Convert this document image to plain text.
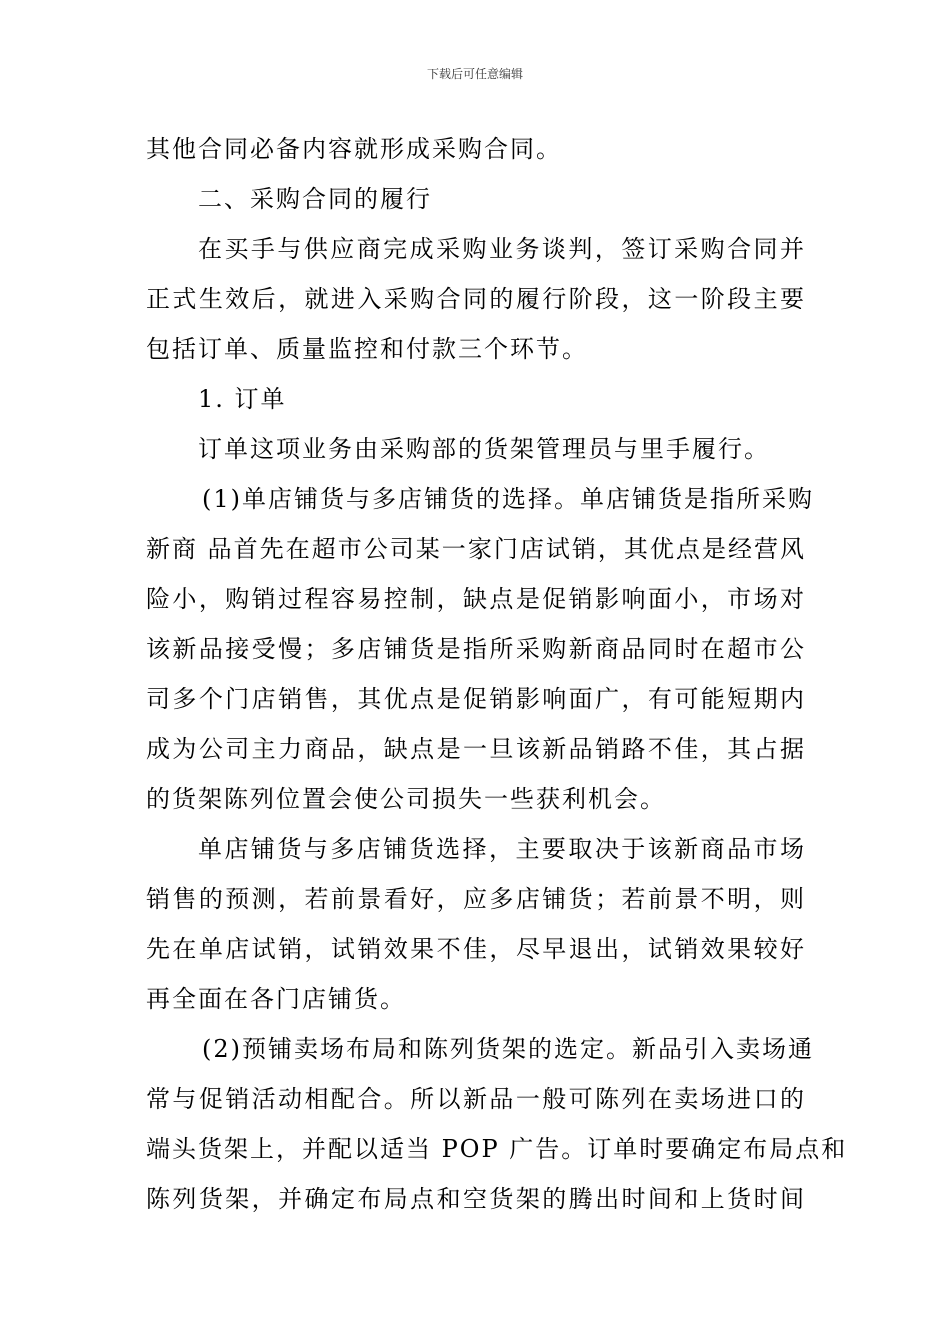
下载后可任意编辑
其他合同必备内容就形成采购合同。
二、采购合同的履行
在买手与供应商完成采购业务谈判，签订采购合同并
正式生效后，就进入采购合同的履行阶段，这一阶段主要
包括订单、质量监控和付款三个环节。
1. 订单
订单这项业务由采购部的货架管理员与里手履行。
(1)单店铺货与多店铺货的选择。单店铺货是指所采购
新商 品首先在超市公司某一家门店试销，其优点是经营风
险小，购销过程容易控制，缺点是促销影响面小，市场对
该新品接受慢；多店铺货是指所采购新商品同时在超市公
司多个门店销售，其优点是促销影响面广，有可能短期内
成为公司主力商品，缺点是一旦该新品销路不佳，其占据
的货架陈列位置会使公司损失一些获利机会。
单店铺货与多店铺货选择，主要取决于该新商品市场
销售的预测，若前景看好，应多店铺货；若前景不明，则
先在单店试销，试销效果不佳，尽早退出，试销效果较好
再全面在各门店铺货。
(2)预铺卖场布局和陈列货架的选定。新品引入卖场通
常与促销活动相配合。所以新品一般可陈列在卖场进口的
端头货架上，并配以适当 POP 广告。订单时要确定布局点和
陈列货架，并确定布局点和空货架的腾出时间和上货时间
